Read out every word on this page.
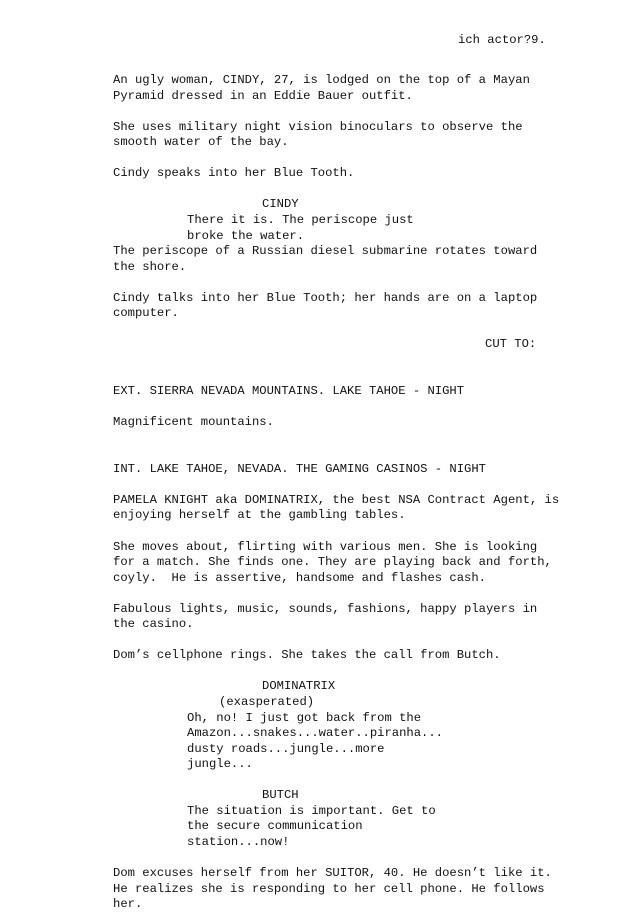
ich actor?9.
An ugly woman, CINDY, 27, is lodged on the top of a Mayan
Pyramid dressed in an Eddie Bauer outfit.
She uses military night vision binoculars to observe the
smooth water of the bay.
Cindy speaks into her Blue Tooth.
CINDY
There it is. The periscope just
broke the water.
The periscope of a Russian diesel submarine rotates toward
the shore.
Cindy talks into her Blue Tooth; her hands are on a laptop
computer.
CUT TO:
EXT. SIERRA NEVADA MOUNTAINS. LAKE TAHOE - NIGHT
Magnificent mountains.
INT. LAKE TAHOE, NEVADA. THE GAMING CASINOS - NIGHT
PAMELA KNIGHT aka DOMINATRIX, the best NSA Contract Agent, is
enjoying herself at the gambling tables.
She moves about, flirting with various men. She is looking
for a match. She finds one. They are playing back and forth,
coyly.  He is assertive, handsome and flashes cash.
Fabulous lights, music, sounds, fashions, happy players in
the casino.
Dom’s cellphone rings. She takes the call from Butch.
DOMINATRIX
(exasperated)
Oh, no! I just got back from the
Amazon...snakes...water..piranha...
dusty roads...jungle...more
jungle...
BUTCH
The situation is important. Get to
the secure communication
station...now!
Dom excuses herself from her SUITOR, 40. He doesn’t like it.
He realizes she is responding to her cell phone. He follows
her.
